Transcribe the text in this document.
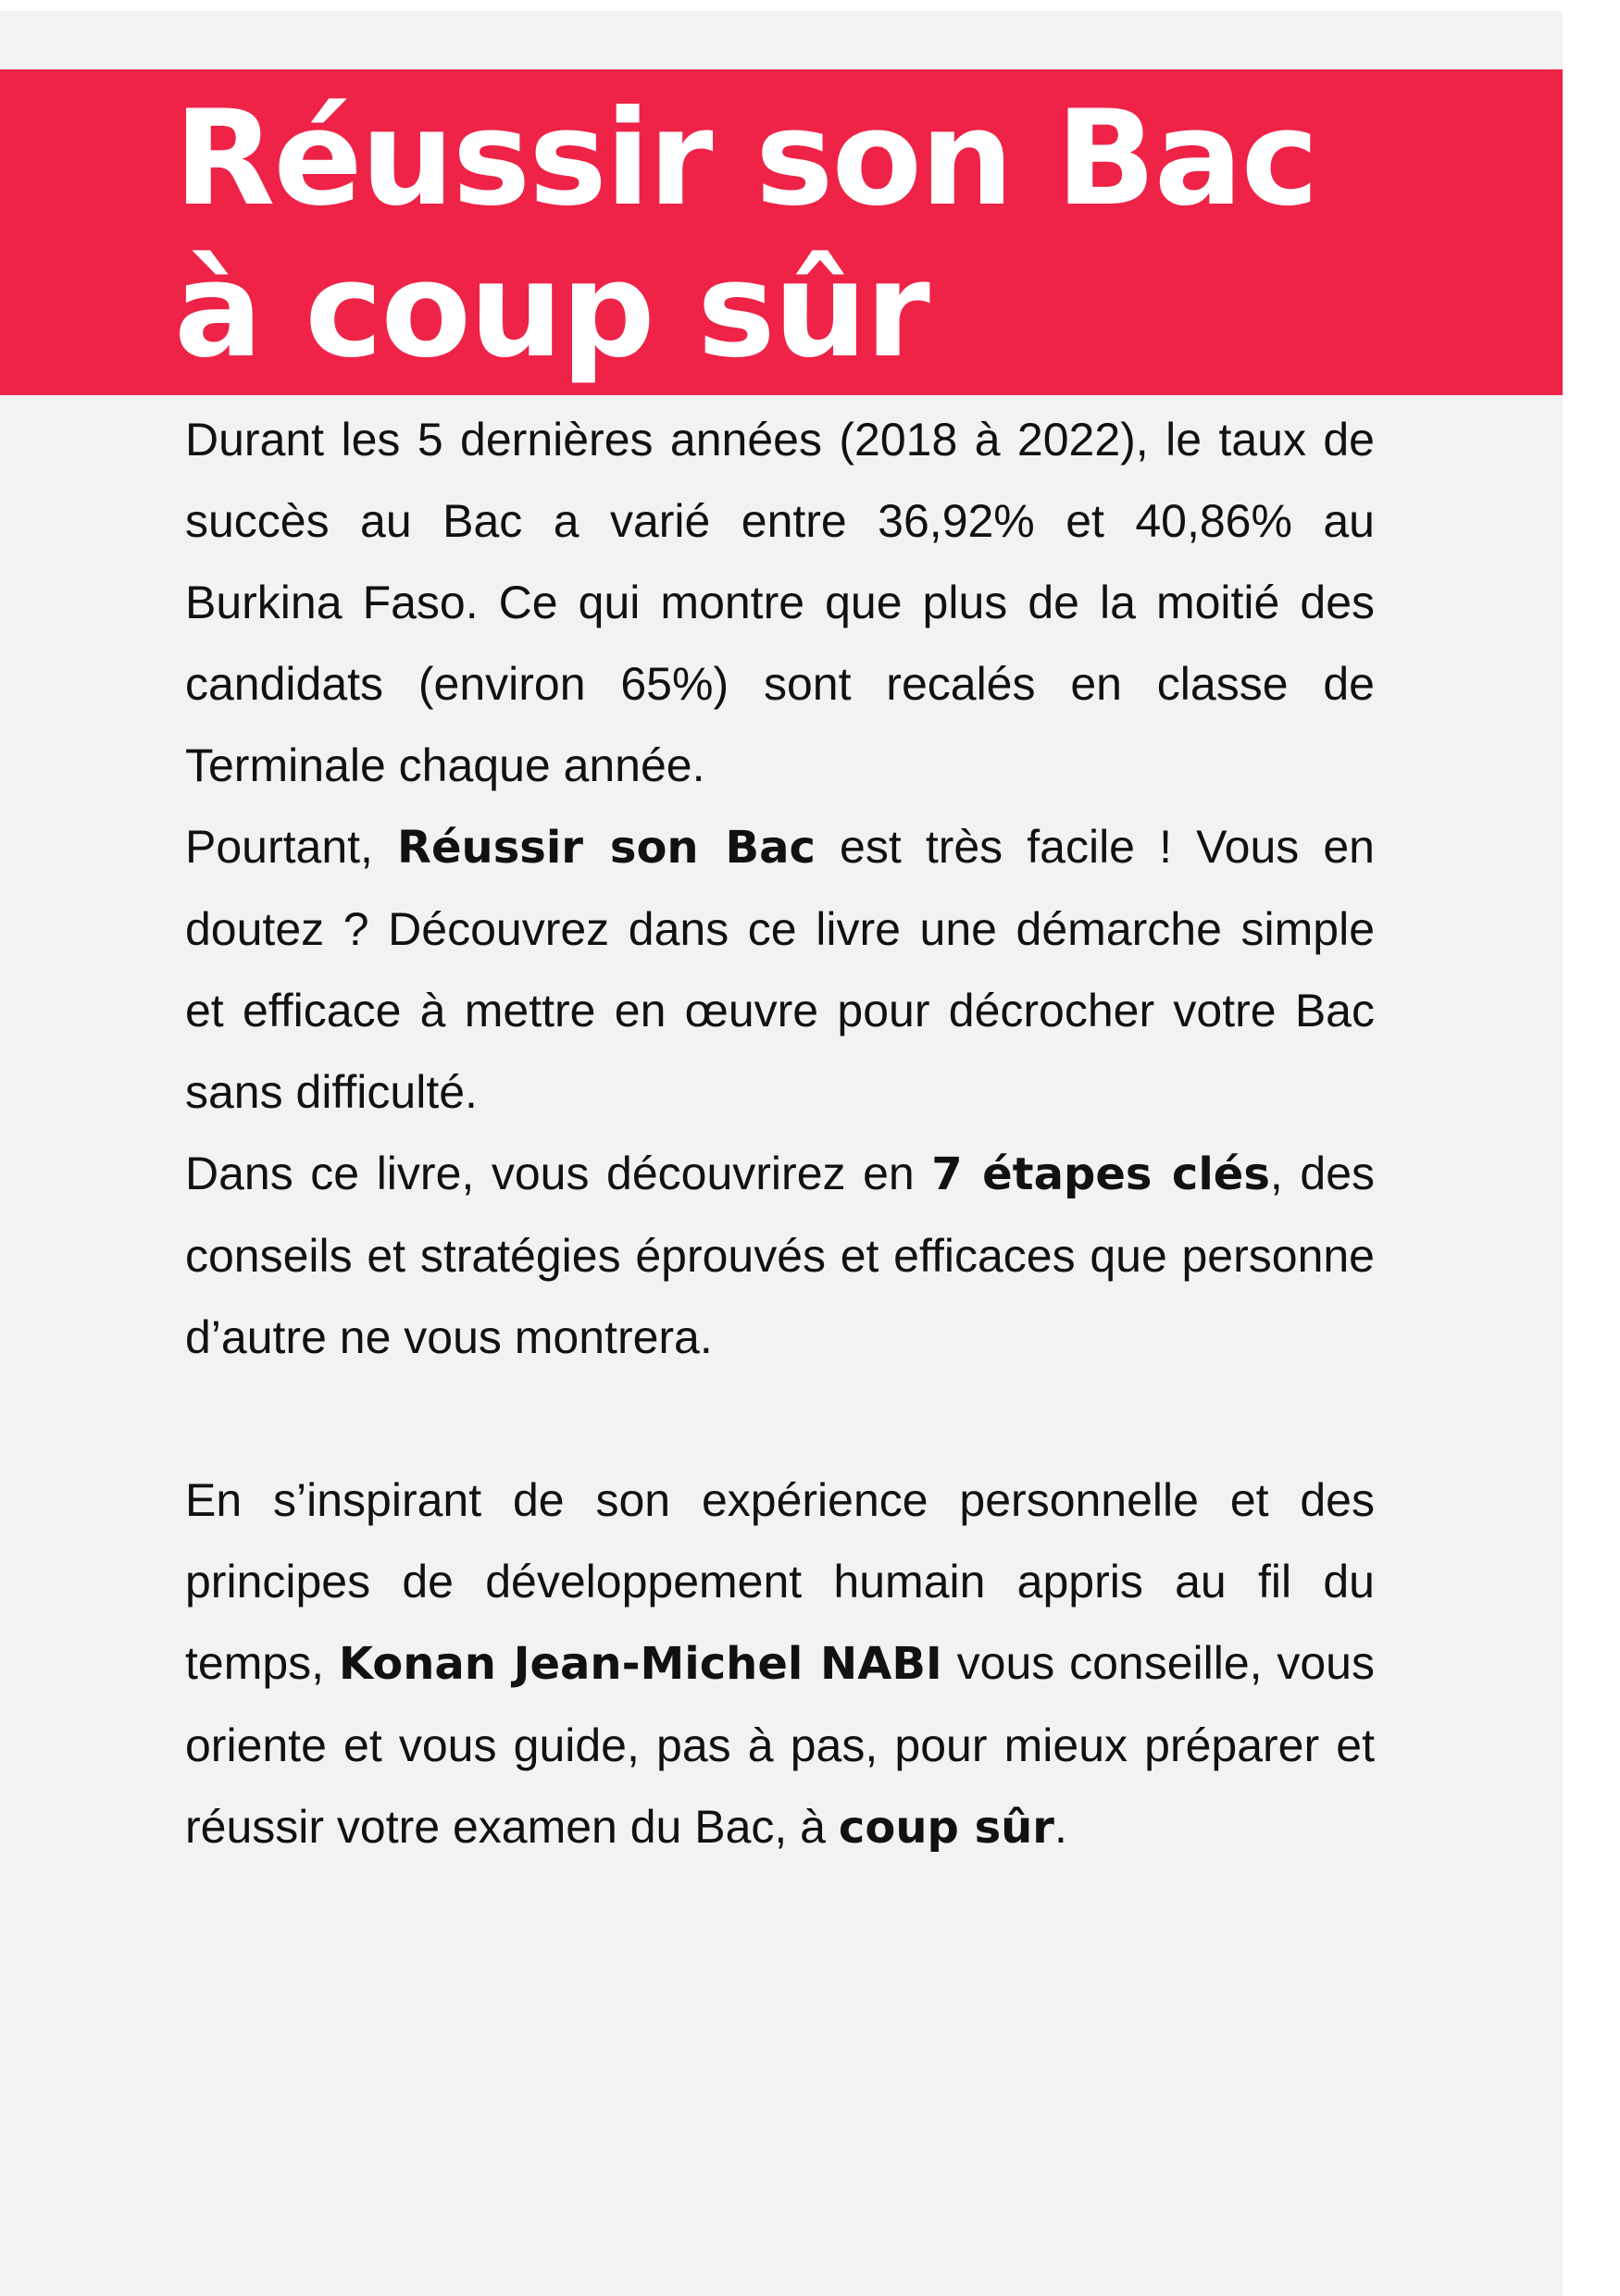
Réussir son Bac
à coup sûr

Durant les 5 dernières années (2018 à 2022), le taux de succès au Bac a varié entre 36,92% et 40,86% au Burkina Faso. Ce qui montre que plus de la moitié des candidats (environ 65%) sont recalés en classe de Terminale chaque année.

Pourtant, Réussir son Bac est très facile ! Vous en doutez ? Découvrez dans ce livre une démarche simple et efficace à mettre en œuvre pour décrocher votre Bac sans difficulté.

Dans ce livre, vous découvrirez en 7 étapes clés, des conseils et stratégies éprouvés et efficaces que personne d’autre ne vous montrera.

En s’inspirant de son expérience personnelle et des principes de développement humain appris au fil du temps, Konan Jean-Michel NABI vous conseille, vous oriente et vous guide, pas à pas, pour mieux préparer et réussir votre examen du Bac, à coup sûr.
